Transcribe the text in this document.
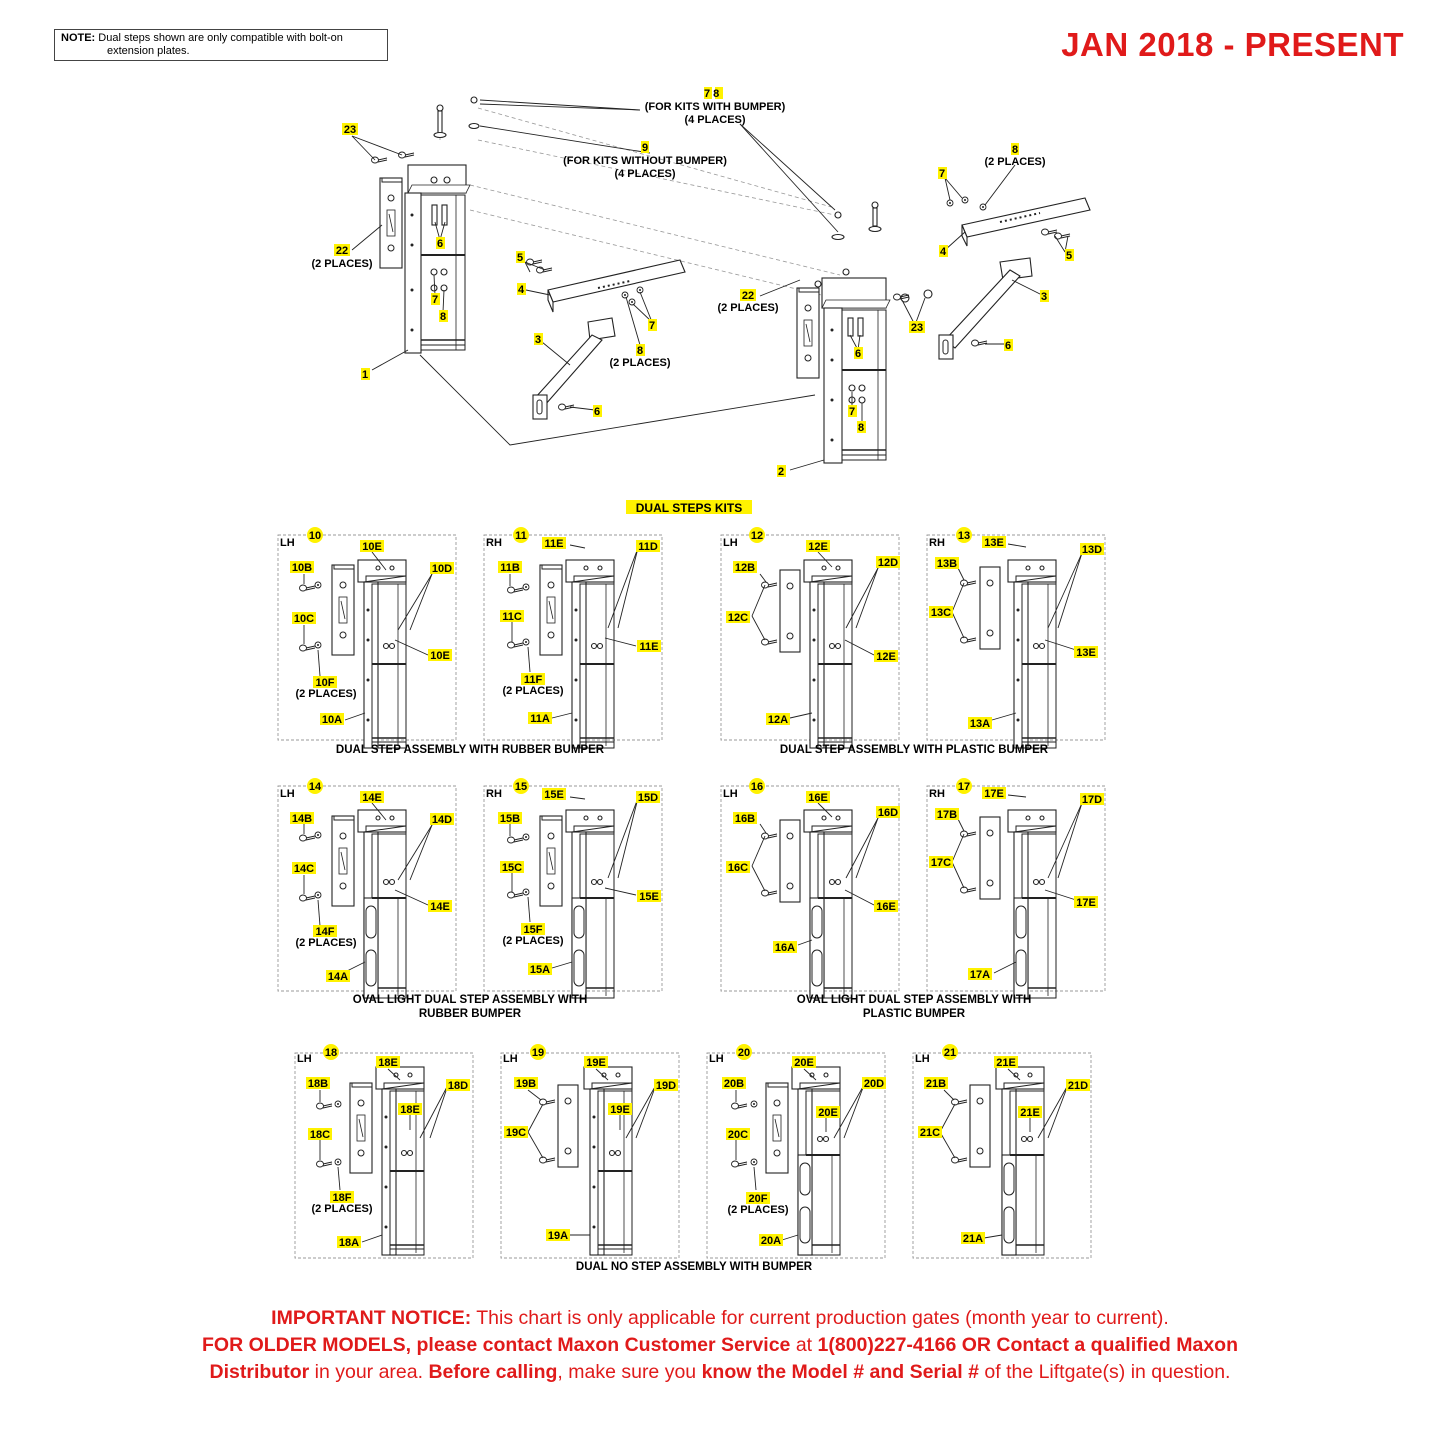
NOTE: Dual steps shown are only compatible with bolt-on
extension plates.	JAN 2018 - PRESENT
7 8
(FOR KITS WITH BUMPER)
(4 PLACES)
9
(FOR KITS WITHOUT BUMPER)
(4 PLACES)
8
(2 PLACES)
23
22
(2 PLACES)
6
7
8
1
5
4
3
6
8
(2 PLACES)
7
22
(2 PLACES)
6
7
8
2
23
6
3
4	5
7
DUAL STEPS KITS
LH
10
10B
10E
10D
10C
10E
10F
(2 PLACES)
10A
RH
11
11B
11E	11D
11C
11E
11F
(2 PLACES)
11A
DUAL STEP ASSEMBLY WITH RUBBER BUMPER
LH
12
12B
12E
12D
12C
12E
12A
RH
13
13B
13E
13D
13C
13E
13A
DUAL STEP ASSEMBLY WITH PLASTIC BUMPER
LH
14
14B
14E
14D
14C
14E
14F
(2 PLACES)
14A
RH
15
15B
15E	15D
15C
15E
15F
(2 PLACES)
15A
OVAL LIGHT DUAL STEP ASSEMBLY WITH
RUBBER BUMPER
LH
16
16B
16E
16D
16C
16E
16A
RH
17
17B
17E	17D
17C
17E
17A
OVAL LIGHT DUAL STEP ASSEMBLY WITH
PLASTIC BUMPER
LH 18
18B
18E
18D
18E
18C
18F
(2 PLACES)
18A
LH 19
19B
19E
19D
19E
19C
19A
LH 20
20B
20E
20D
20E
20C
20F
(2 PLACES)
20A
LH 21
21B
21E
21D
21E
21C
21A
DUAL NO STEP ASSEMBLY WITH BUMPER
IMPORTANT NOTICE: This chart is only applicable for current production gates (month year to current).
FOR OLDER MODELS, please contact Maxon Customer Service at 1(800)227-4166 OR Contact a qualified Maxon
Distributor in your area. Before calling, make sure you know the Model # and Serial # of the Liftgate(s) in question.
